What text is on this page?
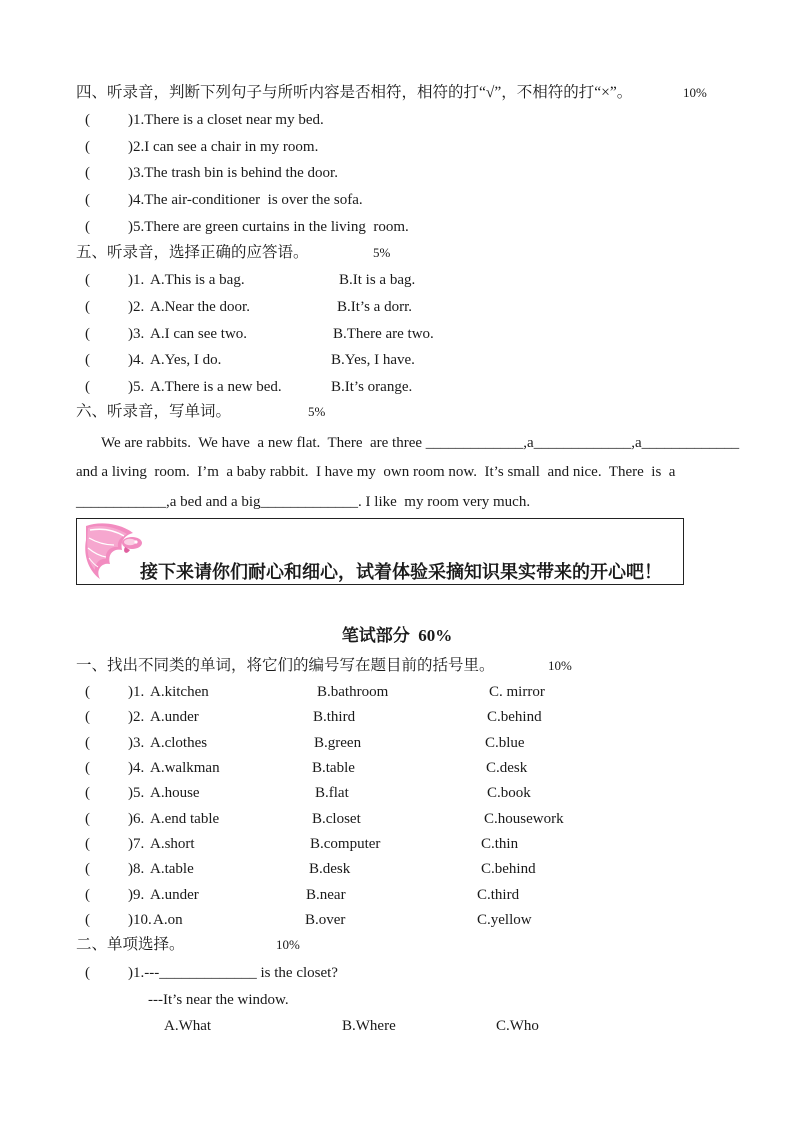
四、听录音，判断下列句子与所听内容是否相符，相符的打“√”，不相符的打“×”。	10%
(	)1.There is a closet near my bed.
(	)2.I can see a chair in my room.
(	)3.The trash bin is behind the door.
(	)4.The air-conditioner  is over the sofa.
(	)5.There are green curtains in the living  room.
五、听录音，选择正确的应答语。	5%
(	)1. A.This is a bag.	B.It is a bag.
(	)2. A.Near the door.	B.It’s a dorr.
(	)3. A.I can see two.	B.There are two.
(	)4. A.Yes, I do.	B.Yes, I have.
(	)5. A.There is a new bed.	B.It’s orange.
六、听录音，写单词。	5%
We are rabbits.  We have  a new flat.  There  are three _____________,a_____________,a_____________
and a living  room.  I’m  a baby rabbit.  I have my  own room now.  It’s small  and nice.  There  is  a
____________,a bed and a big_____________. I like  my room very much.
接下来请你们耐心和细心，试着体验采摘知识果实带来的开心吧！
笔试部分  60%
一、找出不同类的单词，将它们的编号写在题目前的括号里。	10%
(	)1. A.kitchen	B.bathroom	C. mirror
(	)2. A.under	B.third	C.behind
(	)3. A.clothes	B.green	C.blue
(	)4. A.walkman	B.table	C.desk
(	)5. A.house	B.flat	C.book
(	)6. A.end table	B.closet	C.housework
(	)7. A.short	B.computer	C.thin
(	)8. A.table	B.desk	C.behind
(	)9. A.under	B.near	C.third
(	)10. A.on	B.over	C.yellow
二、单项选择。	10%
(	)1.---_____________ is the closet?
---It’s near the window.
A.What	B.Where	C.Who
